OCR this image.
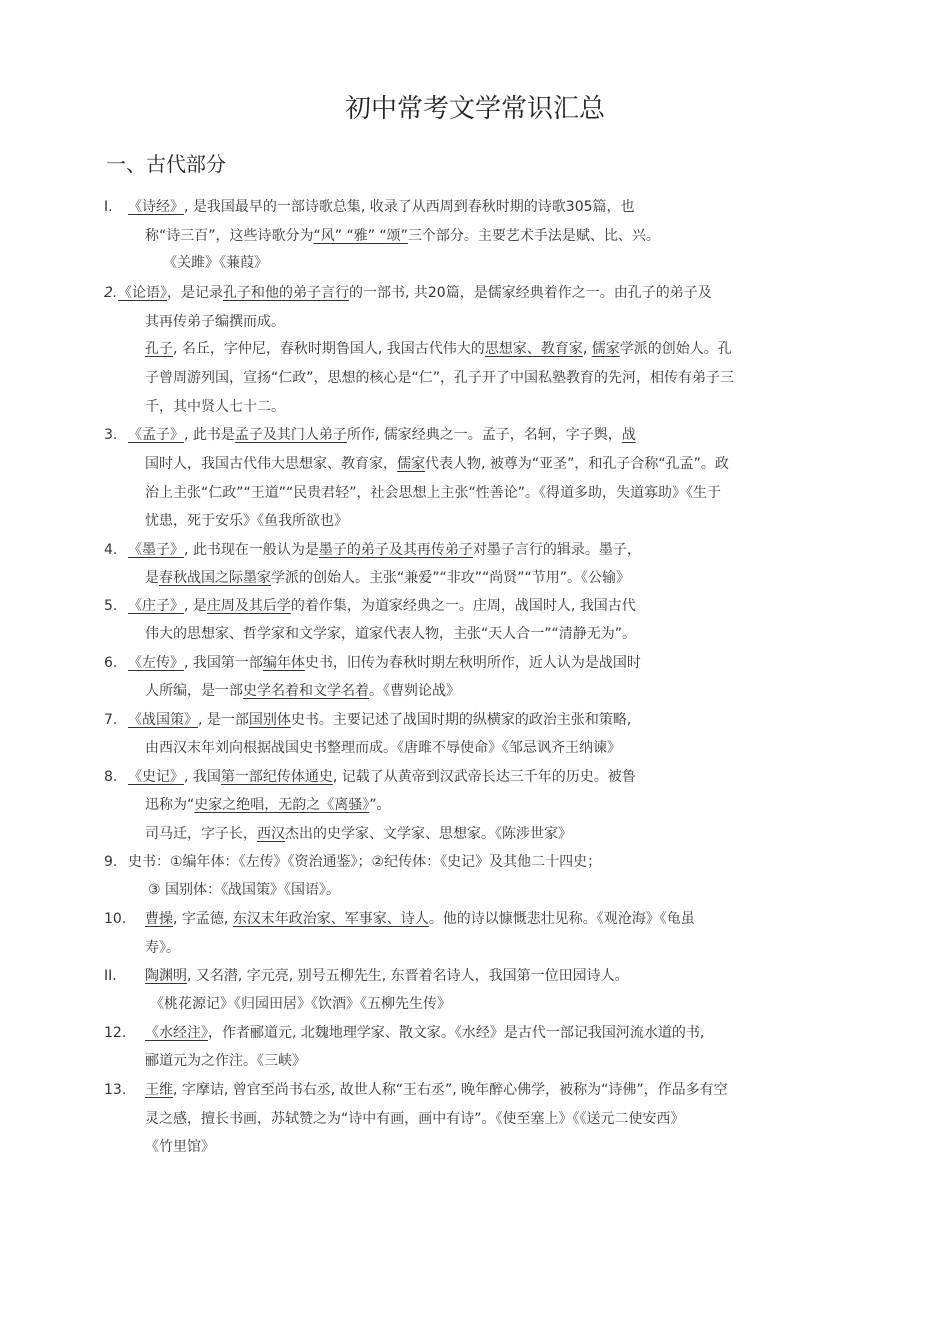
初中常考文学常识汇总
一、古代部分
I. 《诗经》, 是我国最早的一部诗歌总集, 收录了从西周到春秋时期的诗歌305篇，也
称“诗三百”，这些诗歌分为“风” “雅” “颂”三个部分。主要艺术手法是赋、比、兴。
《关雎》《蒹葭》
2. 《论语》，是记录孔子和他的弟子言行的一部书, 共20篇，是儒家经典着作之一。由孔子的弟子及
其再传弟子编撰而成。
孔子, 名丘，字仲尼，春秋时期鲁国人, 我国古代伟大的思想家、教育家, 儒家学派的创始人。孔
子曾周游列国，宣扬“仁政”，思想的核心是“仁”，孔子开了中国私塾教育的先河，相传有弟子三
千，其中贤人七十二。
3. 《孟子》, 此书是孟子及其门人弟子所作, 儒家经典之一。孟子，名轲，字子舆，战
国时人，我国古代伟大思想家、教育家，儒家代表人物, 被尊为“亚圣”，和孔子合称“孔孟”。政
治上主张“仁政”“王道”“民贵君轻”，社会思想上主张“性善论”。《得道多助，失道寡助》《生于
忧患，死于安乐》《鱼我所欲也》
4. 《墨子》, 此书现在一般认为是墨子的弟子及其再传弟子对墨子言行的辑录。墨子，
是春秋战国之际墨家学派的创始人。主张“兼爱”“非攻”“尚贤”“节用”。《公输》
5. 《庄子》, 是庄周及其后学的着作集，为道家经典之一。庄周，战国时人, 我国古代
伟大的思想家、哲学家和文学家，道家代表人物，主张“天人合一”“清静无为”。
6. 《左传》, 我国第一部编年体史书，旧传为春秋时期左秋明所作，近人认为是战国时
人所编，是一部史学名着和文学名着。《曹刿论战》
7. 《战国策》, 是一部国别体史书。主要记述了战国时期的纵横家的政治主张和策略,
由西汉末年刘向根据战国史书整理而成。《唐雎不辱使命》《邹忌讽齐王纳谏》
8. 《史记》, 我国第一部纪传体通史, 记载了从黄帝到汉武帝长达三千年的历史。被鲁
迅称为“史家之绝唱，无韵之《离骚》”。
司马迁，字子长，西汉杰出的史学家、文学家、思想家。《陈涉世家》
9. 史书：①编年体：《左传》《资治通鉴》；②纪传体：《史记》及其他二十四史；
③ 国别体：《战国策》《国语》。
10. 曹操, 字孟德, 东汉末年政治家、军事家、诗人。他的诗以慷慨悲壮见称。《观沧海》《龟虽
寿》。
II. 陶渊明, 又名潜, 字元亮, 别号五柳先生, 东晋着名诗人，我国第一位田园诗人。
《桃花源记》《归园田居》《饮酒》《五柳先生传》
12. 《水经注》，作者郦道元, 北魏地理学家、散文家。《水经》是古代一部记我国河流水道的书,
郦道元为之作注。《三峡》
13. 王维, 字摩诘, 曾官至尚书右丞, 故世人称“王右丞”, 晚年醉心佛学，被称为“诗佛”，作品多有空
灵之感，擅长书画，苏轼赞之为“诗中有画，画中有诗”。《使至塞上》《《送元二使安西》
《竹里馆》
